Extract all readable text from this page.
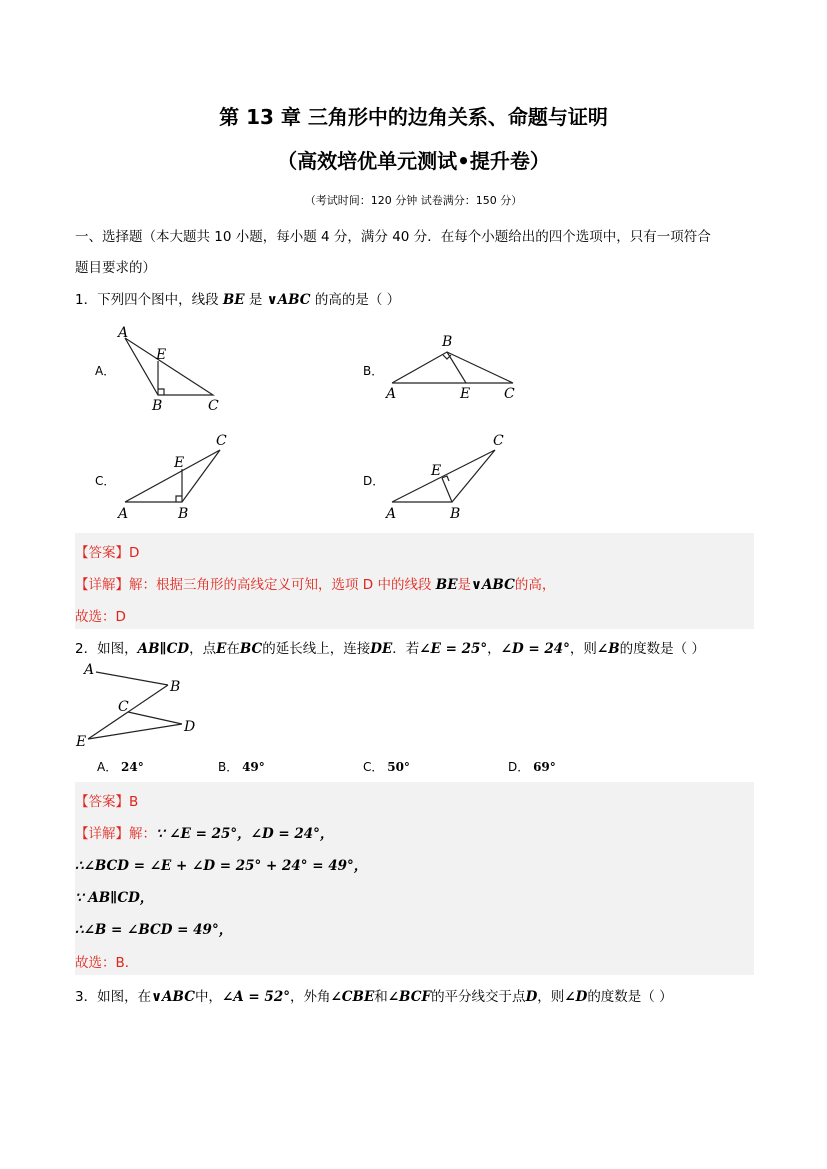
第 13 章 三角形中的边角关系、命题与证明
（高效培优单元测试•提升卷）
（考试时间：120 分钟 试卷满分：150 分）
一、选择题（本大题共 10 小题，每小题 4 分，满分 40 分．在每个小题给出的四个选项中，只有一项符合
题目要求的）
1．下列四个图中，线段 BE 是 ∨ABC 的高的是（ ）
A．	B．
C．	D．
A
E
B	C
B
A	E C
C
E
A	B
C
E
A	B
【答案】D
【详解】解：根据三角形的高线定义可知，选项 D 中的线段 BE是∨ABC的高，
故选：D
2．如图，AB∥CD，点E在BC的延长线上，连接DE．若∠E = 25°，∠D = 24°，则∠B的度数是（ ）
A
B
C
D
E
A． 24°	B． 49°	C． 50°	D． 69°
【答案】B
【详解】解：∵ ∠E = 25°，∠D = 24°，
∴∠BCD = ∠E + ∠D = 25° + 24° = 49°，
∵ AB∥CD，
∴∠B = ∠BCD = 49°，
故选：B．
3．如图，在∨ABC中，∠A = 52°，外角∠CBE和∠BCF的平分线交于点D，则∠D的度数是（ ）
